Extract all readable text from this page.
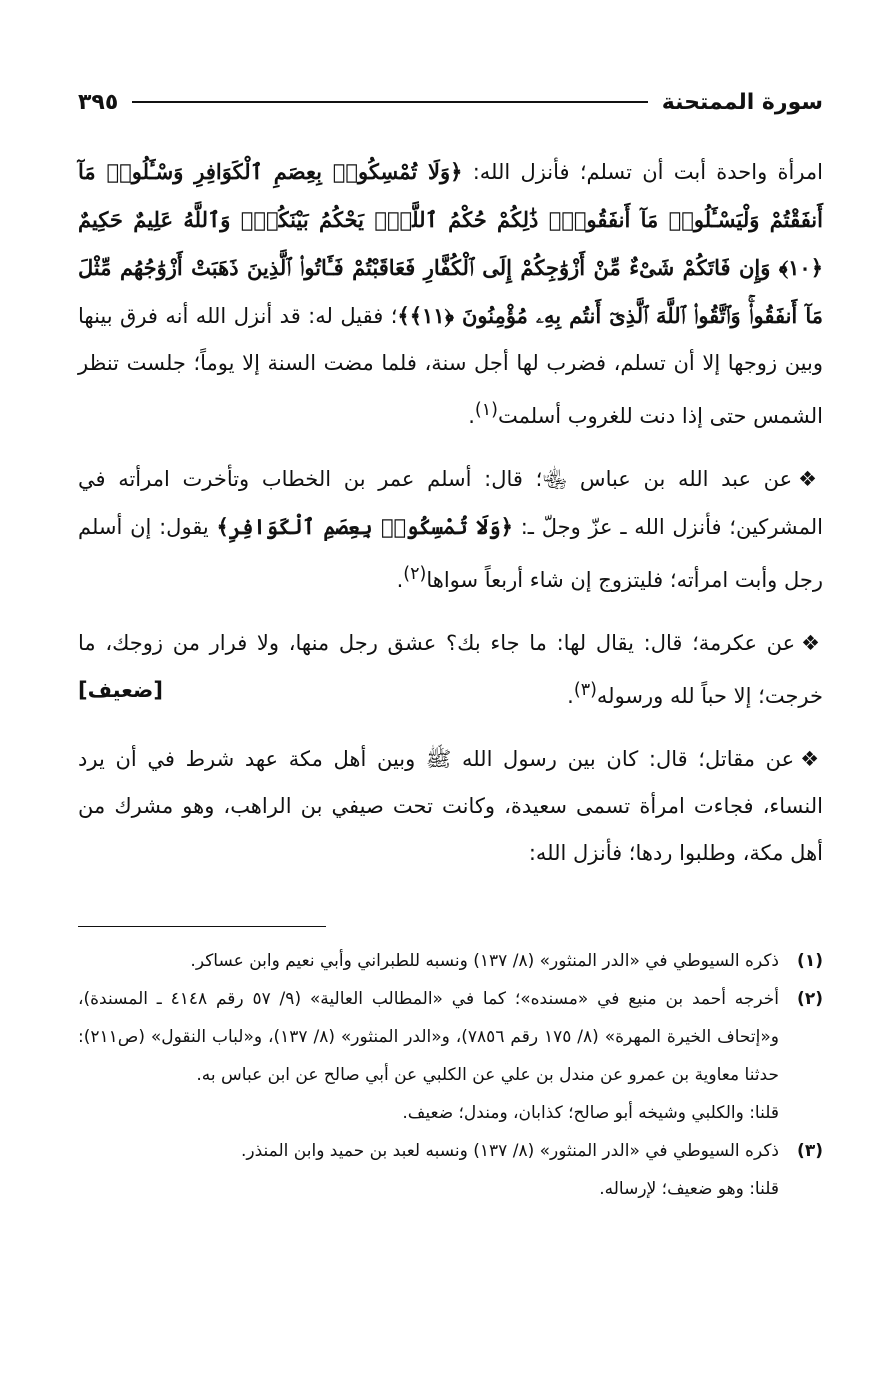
سورة الممتحنة
٣٩٥

امرأة واحدة أبت أن تسلم؛ فأنزل الله: ﴿وَلَا تُمْسِكُوا۟ بِعِصَمِ ٱلْكَوَافِرِ وَسْـَٔلُوا۟ مَآ أَنفَقْتُمْ وَلْيَسْـَٔلُوا۟ مَآ أَنفَقُوا۟ۚ ذَٰلِكُمْ حُكْمُ ٱللَّهِۖ يَحْكُمُ بَيْنَكُمْۚ وَٱللَّهُ عَلِيمٌ حَكِيمٌ ﴿١٠﴾ وَإِن فَاتَكُمْ شَىْءٌ مِّنْ أَزْوَٰجِكُمْ إِلَى ٱلْكُفَّارِ فَعَاقَبْتُمْ فَـَٔاتُوا۟ ٱلَّذِينَ ذَهَبَتْ أَزْوَٰجُهُم مِّثْلَ مَآ أَنفَقُوا۟ۚ وَٱتَّقُوا۟ ٱللَّهَ ٱلَّذِىٓ أَنتُم بِهِۦ مُؤْمِنُونَ ﴿١١﴾﴾؛ فقيل له: قد أنزل الله أنه فرق بينها وبين زوجها إلا أن تسلم، فضرب لها أجل سنة، فلما مضت السنة إلا يوماً؛ جلست تنظر الشمس حتى إذا دنت للغروب أسلمت$^{(١)}$.

❖عن عبد الله بن عباس ﵄؛ قال: أسلم عمر بن الخطاب وتأخرت امرأته في المشركين؛ فأنزل الله ـ عزّ وجلّ ـ: ﴿وَلَا تُمْسِكُوا۟ بِعِصَمِ ٱلْكَوَافِرِ﴾ يقول: إن أسلم رجل وأبت امرأته؛ فليتزوج إن شاء أربعاً سواها$^{(٢)}$.

❖عن عكرمة؛ قال: يقال لها: ما جاء بك؟ عشق رجل منها، ولا فرار من زوجك، ما خرجت؛ إلا حباً لله ورسوله$^{(٣)}$.
[ضعيف]

❖عن مقاتل؛ قال: كان بين رسول الله ﷺ وبين أهل مكة عهد شرط في أن يرد النساء، فجاءت امرأة تسمى سعيدة، وكانت تحت صيفي بن الراهب، وهو مشرك من أهل مكة، وطلبوا ردها؛ فأنزل الله:

(١)
ذكره السيوطي في «الدر المنثور» (٨/ ١٣٧) ونسبه للطبراني وأبي نعيم وابن عساكر.
(٢)
أخرجه أحمد بن منيع في «مسنده»؛ كما في «المطالب العالية» (٩/ ٥٧ رقم ٤١٤٨ ـ المسندة)، و«إتحاف الخيرة المهرة» (٨/ ١٧٥ رقم ٧٨٥٦)، و«الدر المنثور» (٨/ ١٣٧)، و«لباب النقول» (ص٢١١): حدثنا معاوية بن عمرو عن مندل بن علي عن الكلبي عن أبي صالح عن ابن عباس به.
قلنا: والكلبي وشيخه أبو صالح؛ كذابان، ومندل؛ ضعيف.
(٣)
ذكره السيوطي في «الدر المنثور» (٨/ ١٣٧) ونسبه لعبد بن حميد وابن المنذر.
قلنا: وهو ضعيف؛ لإرساله.
